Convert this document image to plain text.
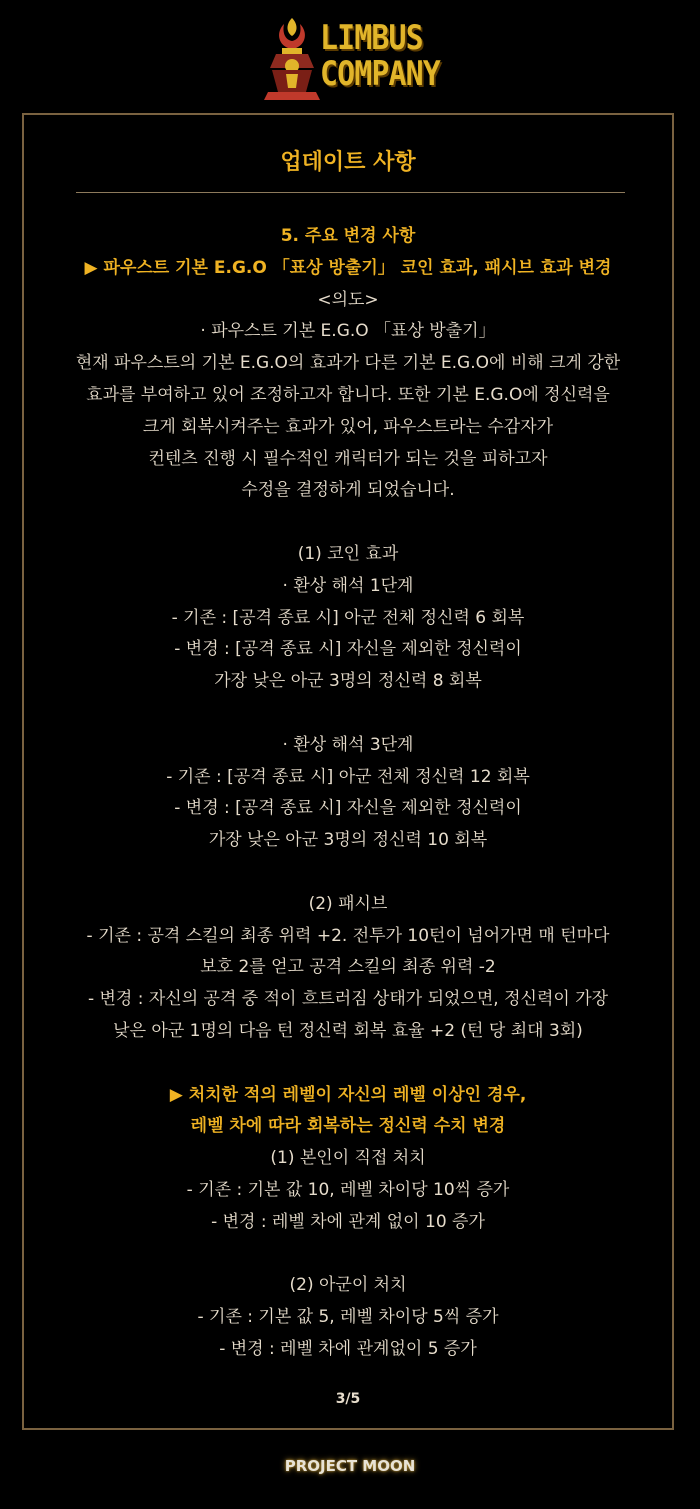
LIMBUS
COMPANY
업데이트 사항
5. 주요 변경 사항
▶ 파우스트 기본 E.G.O 「표상 방출기」 코인 효과, 패시브 효과 변경
<의도>
· 파우스트 기본 E.G.O 「표상 방출기」
현재 파우스트의 기본 E.G.O의 효과가 다른 기본 E.G.O에 비해 크게 강한
효과를 부여하고 있어 조정하고자 합니다. 또한 기본 E.G.O에 정신력을
크게 회복시켜주는 효과가 있어, 파우스트라는 수감자가
컨텐츠 진행 시 필수적인 캐릭터가 되는 것을 피하고자
수정을 결정하게 되었습니다.
(1) 코인 효과
· 환상 해석 1단계
- 기존 : [공격 종료 시] 아군 전체 정신력 6 회복
- 변경 : [공격 종료 시] 자신을 제외한 정신력이
가장 낮은 아군 3명의 정신력 8 회복
· 환상 해석 3단계
- 기존 : [공격 종료 시] 아군 전체 정신력 12 회복
- 변경 : [공격 종료 시] 자신을 제외한 정신력이
가장 낮은 아군 3명의 정신력 10 회복
(2) 패시브
- 기존 : 공격 스킬의 최종 위력 +2. 전투가 10턴이 넘어가면 매 턴마다
보호 2를 얻고 공격 스킬의 최종 위력 -2
- 변경 : 자신의 공격 중 적이 흐트러짐 상태가 되었으면, 정신력이 가장
낮은 아군 1명의 다음 턴 정신력 회복 효율 +2 (턴 당 최대 3회)
▶ 처치한 적의 레벨이 자신의 레벨 이상인 경우,
레벨 차에 따라 회복하는 정신력 수치 변경
(1) 본인이 직접 처치
- 기존 : 기본 값 10, 레벨 차이당 10씩 증가
- 변경 : 레벨 차에 관계 없이 10 증가
(2) 아군이 처치
- 기존 : 기본 값 5, 레벨 차이당 5씩 증가
- 변경 : 레벨 차에 관계없이 5 증가
3/5
PROJECT MOON
